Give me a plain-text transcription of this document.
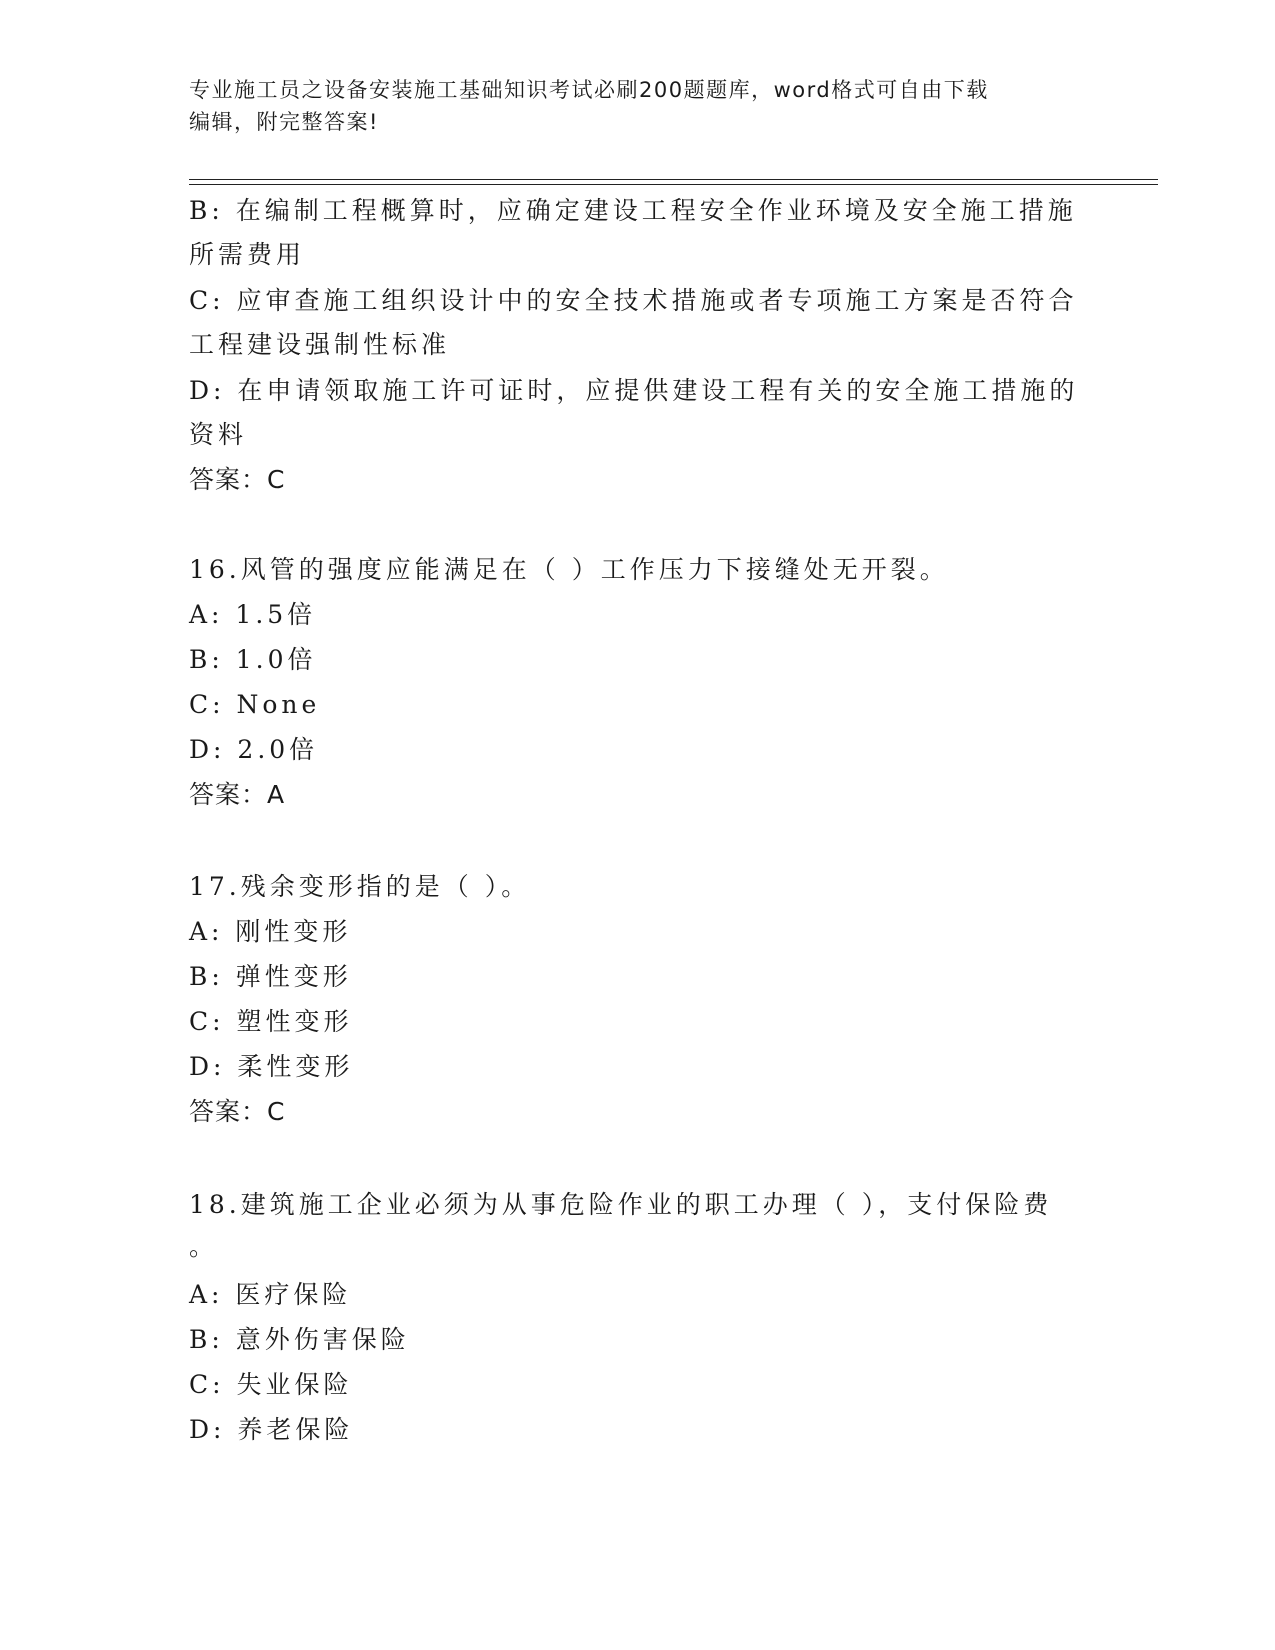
专业施工员之设备安装施工基础知识考试必刷200题题库，word格式可自由下载
编辑，附完整答案!
B: 在编制工程概算时，应确定建设工程安全作业环境及安全施工措施
所需费用
C: 应审查施工组织设计中的安全技术措施或者专项施工方案是否符合
工程建设强制性标准
D: 在申请领取施工许可证时，应提供建设工程有关的安全施工措施的
资料
答案：C
16.风管的强度应能满足在（ ）工作压力下接缝处无开裂。
A: 1.5倍
B: 1.0倍
C: None
D: 2.0倍
答案：A
17.残余变形指的是（ ）。
A: 刚性变形
B: 弹性变形
C: 塑性变形
D: 柔性变形
答案：C
18.建筑施工企业必须为从事危险作业的职工办理（ ），支付保险费
。
A: 医疗保险
B: 意外伤害保险
C: 失业保险
D: 养老保险
